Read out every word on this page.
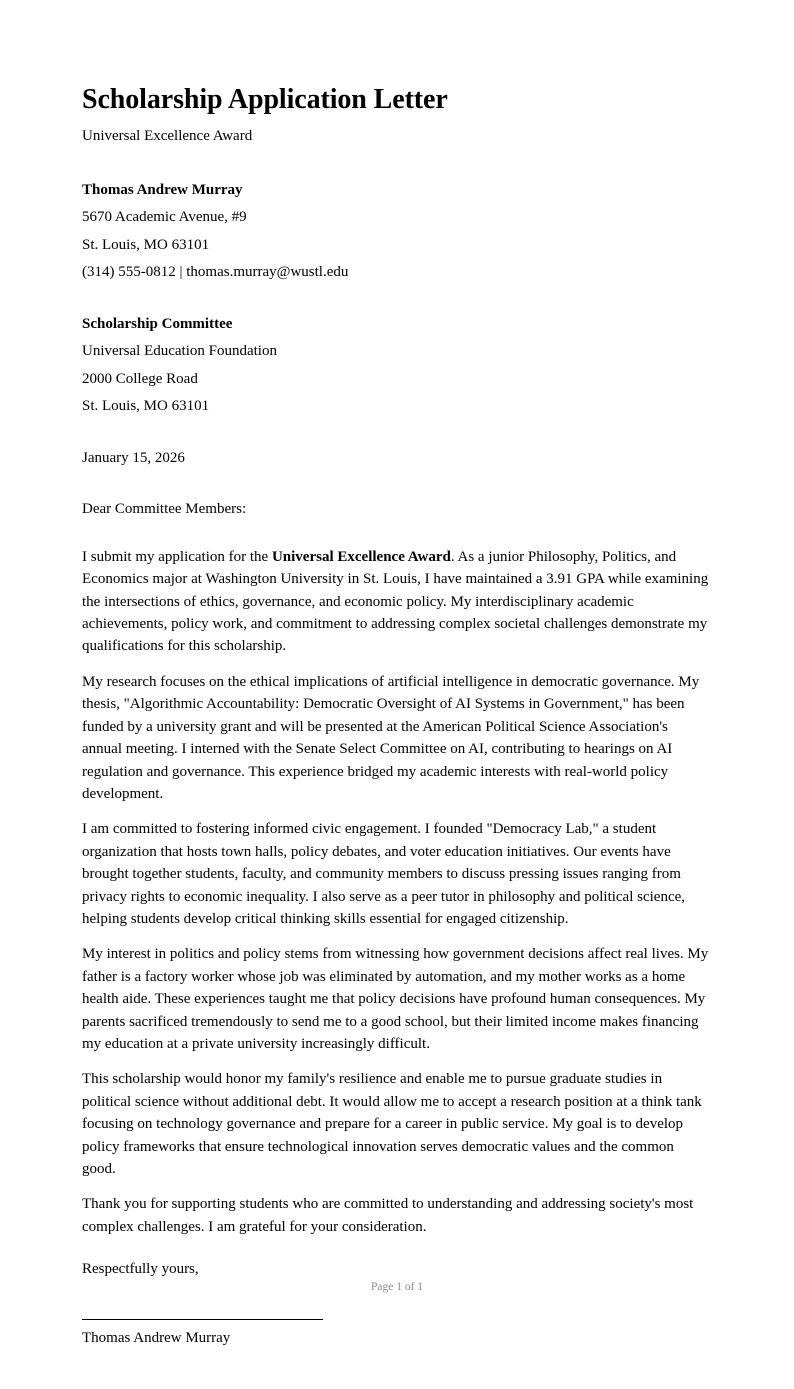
Scholarship Application Letter
Universal Excellence Award
Thomas Andrew Murray
5670 Academic Avenue, #9
St. Louis, MO 63101
(314) 555-0812 | thomas.murray@wustl.edu
Scholarship Committee
Universal Education Foundation
2000 College Road
St. Louis, MO 63101
January 15, 2026
Dear Committee Members:

I submit my application for the Universal Excellence Award. As a junior Philosophy, Politics, and Economics major at Washington University in St. Louis, I have maintained a 3.91 GPA while examining the intersections of ethics, governance, and economic policy. My interdisciplinary academic achievements, policy work, and commitment to addressing complex societal challenges demonstrate my qualifications for this scholarship.

My research focuses on the ethical implications of artificial intelligence in democratic governance. My thesis, "Algorithmic Accountability: Democratic Oversight of AI Systems in Government," has been funded by a university grant and will be presented at the American Political Science Association's annual meeting. I interned with the Senate Select Committee on AI, contributing to hearings on AI regulation and governance. This experience bridged my academic interests with real-world policy development.

I am committed to fostering informed civic engagement. I founded "Democracy Lab," a student organization that hosts town halls, policy debates, and voter education initiatives. Our events have brought together students, faculty, and community members to discuss pressing issues ranging from privacy rights to economic inequality. I also serve as a peer tutor in philosophy and political science, helping students develop critical thinking skills essential for engaged citizenship.

My interest in politics and policy stems from witnessing how government decisions affect real lives. My father is a factory worker whose job was eliminated by automation, and my mother works as a home health aide. These experiences taught me that policy decisions have profound human consequences. My parents sacrificed tremendously to send me to a good school, but their limited income makes financing my education at a private university increasingly difficult.

This scholarship would honor my family's resilience and enable me to pursue graduate studies in political science without additional debt. It would allow me to accept a research position at a think tank focusing on technology governance and prepare for a career in public service. My goal is to develop policy frameworks that ensure technological innovation serves democratic values and the common good.

Thank you for supporting students who are committed to understanding and addressing society's most complex challenges. I am grateful for your consideration.

Respectfully yours,
Thomas Andrew Murray
Page 1 of 1
